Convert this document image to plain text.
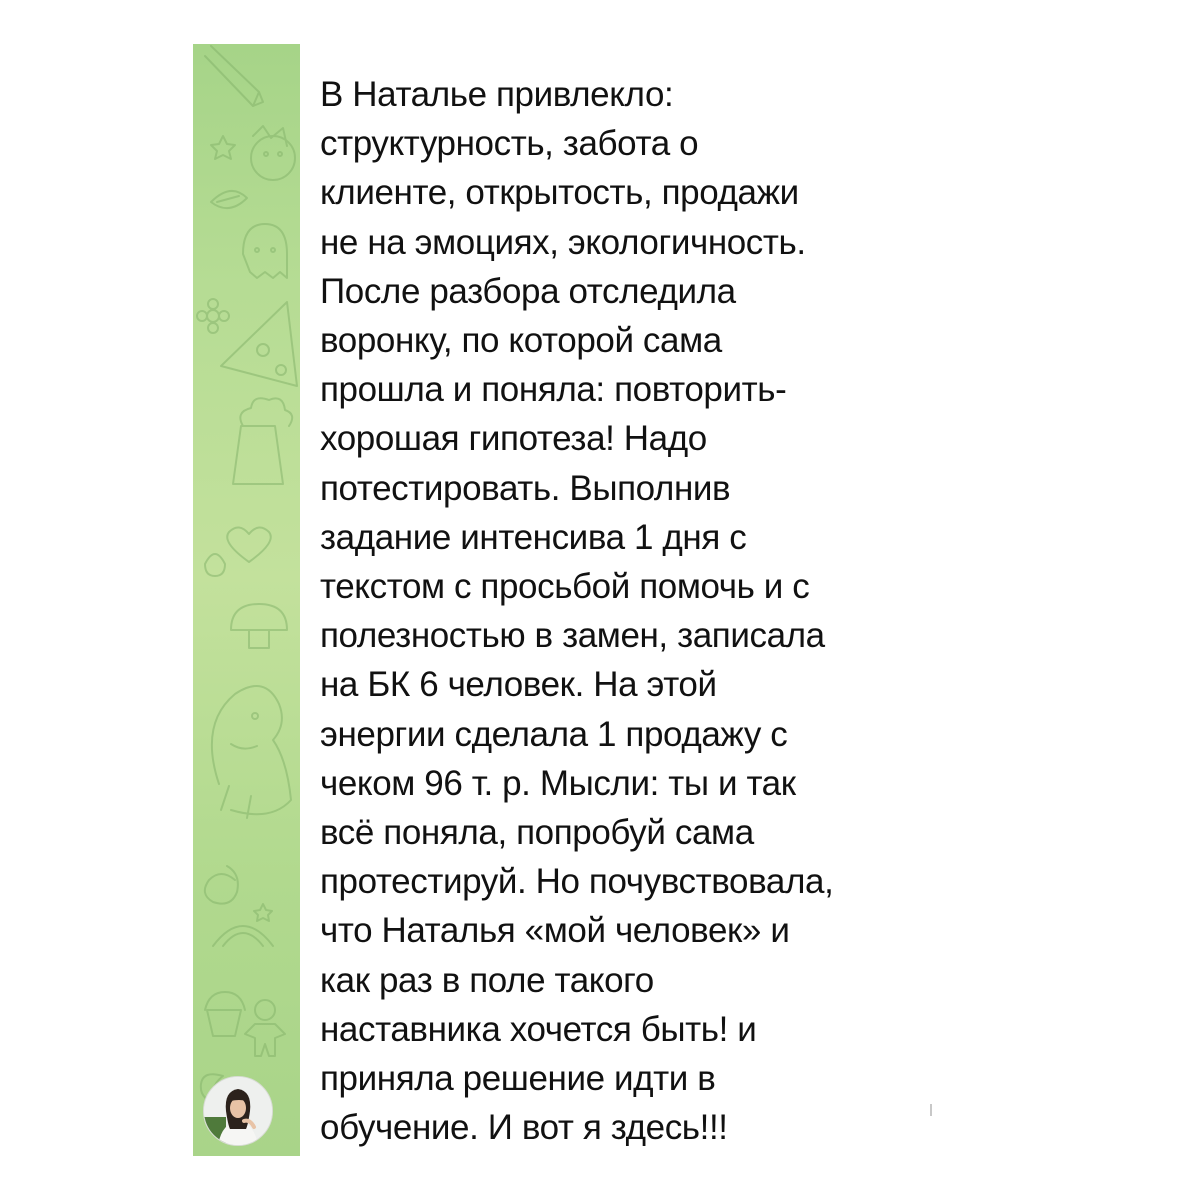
В Наталье привлекло:
структурность, забота о
клиенте, открытость, продажи
не на эмоциях, экологичность.
После разбора отследила
воронку, по которой сама
прошла и поняла: повторить-
хорошая гипотеза! Надо
потестировать. Выполнив
задание интенсива 1 дня с
текстом с просьбой помочь и с
полезностью в замен, записала
на БК 6 человек. На этой
энергии сделала 1 продажу с
чеком 96 т. р. Мысли: ты и так
всё поняла, попробуй сама
протестируй. Но почувствовала,
что Наталья «мой человек» и
как раз в поле такого
наставника хочется быть! и
приняла решение идти в
обучение. И вот я здесь!!!
